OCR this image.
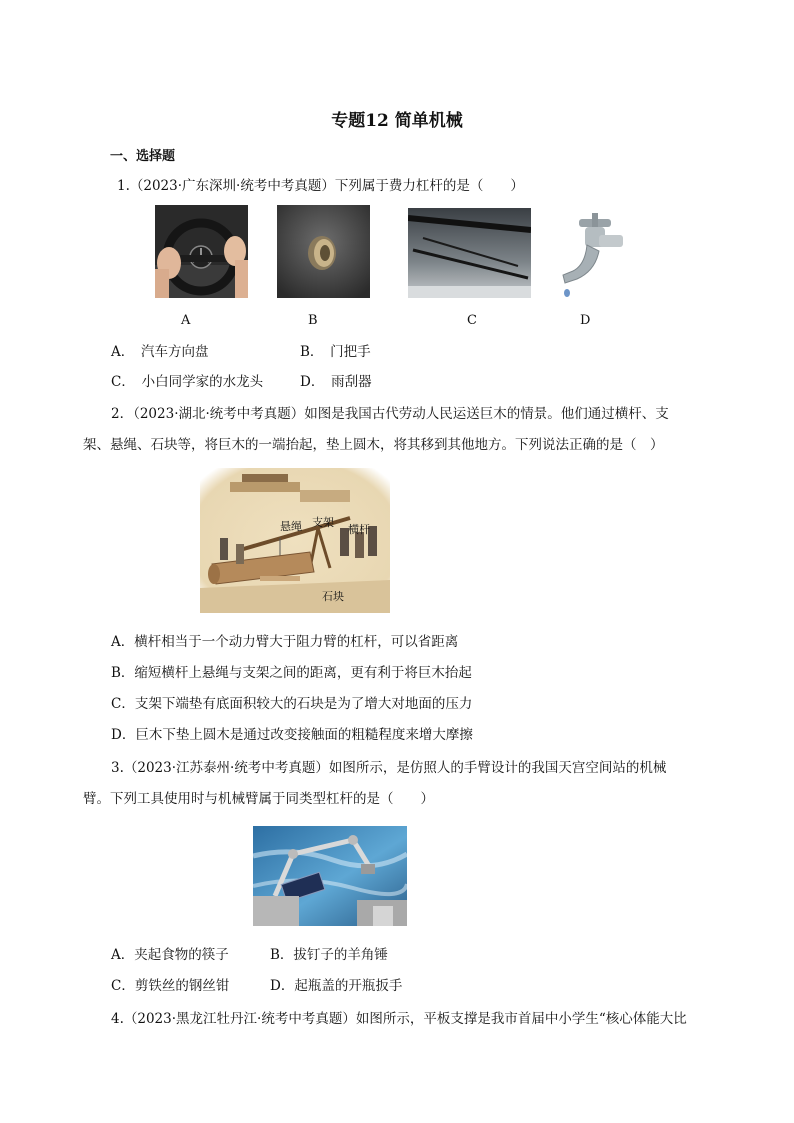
专题12 简单机械
一、选择题
1.（2023·广东深圳·统考中考真题）下列属于费力杠杆的是（　　）
A	B	C	D
A．　汽车方向盘	B．　门把手
C．　小白同学家的水龙头	D．　雨刮器
2．（2023·湖北·统考中考真题）如图是我国古代劳动人民运送巨木的情景。他们通过横杆、支
架、悬绳、石块等，将巨木的一端抬起，垫上圆木，将其移到其他地方。下列说法正确的是（　）
悬绳 支架
横杆
石块
A．横杆相当于一个动力臂大于阻力臂的杠杆，可以省距离
B．缩短横杆上悬绳与支架之间的距离，更有利于将巨木抬起
C．支架下端垫有底面积较大的石块是为了增大对地面的压力
D．巨木下垫上圆木是通过改变接触面的粗糙程度来增大摩擦
3.（2023·江苏泰州·统考中考真题）如图所示，是仿照人的手臂设计的我国天宫空间站的机械
臂。下列工具使用时与机械臂属于同类型杠杆的是（　　）
A．夹起食物的筷子	B．拔钉子的羊角锤
C．剪铁丝的钢丝钳	D．起瓶盖的开瓶扳手
4.（2023·黑龙江牡丹江·统考中考真题）如图所示，平板支撑是我市首届中小学生“核心体能大比
